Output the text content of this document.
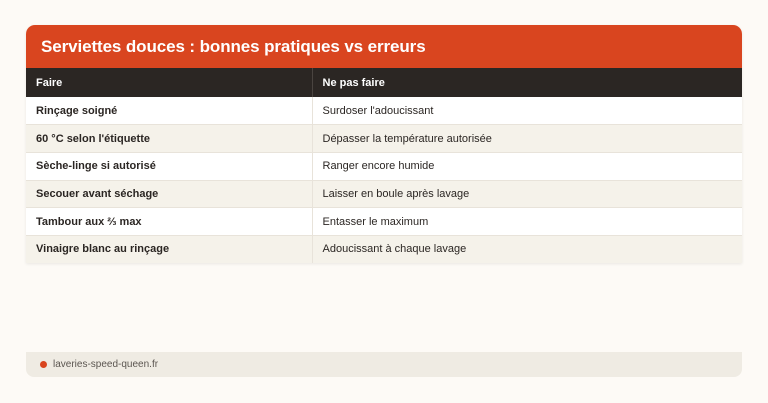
Serviettes douces : bonnes pratiques vs erreurs
Faire	Ne pas faire
Rinçage soigné	Surdoser l'adoucissant
60 °C selon l'étiquette	Dépasser la température autorisée
Sèche-linge si autorisé	Ranger encore humide
Secouer avant séchage	Laisser en boule après lavage
Tambour aux ⅔ max	Entasser le maximum
Vinaigre blanc au rinçage	Adoucissant à chaque lavage
laveries-speed-queen.fr
